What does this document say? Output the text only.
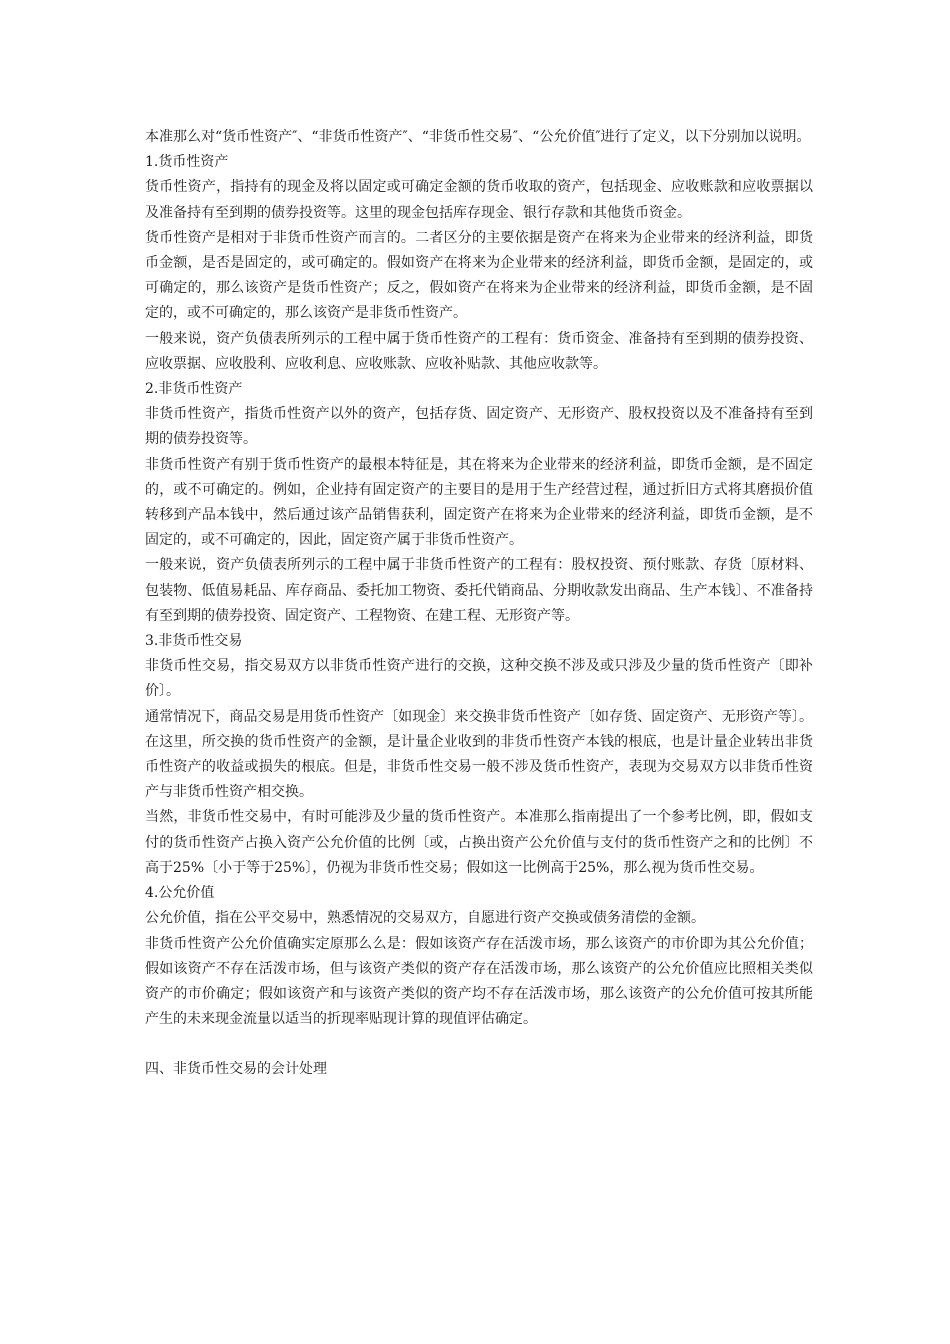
本准那么对“货币性资产″、“非货币性资产″、“非货币性交易″、“公允价值″进行了定义，以下分别加以说明。

1.货币性资产

货币性资产，指持有的现金及将以固定或可确定金额的货币收取的资产，包括现金、应收账款和应收票据以及准备持有至到期的债券投资等。这里的现金包括库存现金、银行存款和其他货币资金。

货币性资产是相对于非货币性资产而言的。二者区分的主要依据是资产在将来为企业带来的经济利益，即货币金额，是否是固定的，或可确定的。假如资产在将来为企业带来的经济利益，即货币金额，是固定的，或可确定的，那么该资产是货币性资产；反之，假如资产在将来为企业带来的经济利益，即货币金额，是不固定的，或不可确定的，那么该资产是非货币性资产。

一般来说，资产负债表所列示的工程中属于货币性资产的工程有：货币资金、准备持有至到期的债券投资、应收票据、应收股利、应收利息、应收账款、应收补贴款、其他应收款等。

2.非货币性资产

非货币性资产，指货币性资产以外的资产，包括存货、固定资产、无形资产、股权投资以及不准备持有至到期的债券投资等。

非货币性资产有别于货币性资产的最根本特征是，其在将来为企业带来的经济利益，即货币金额，是不固定的，或不可确定的。例如，企业持有固定资产的主要目的是用于生产经营过程，通过折旧方式将其磨损价值转移到产品本钱中，然后通过该产品销售获利，固定资产在将来为企业带来的经济利益，即货币金额，是不固定的，或不可确定的，因此，固定资产属于非货币性资产。

一般来说，资产负债表所列示的工程中属于非货币性资产的工程有：股权投资、预付账款、存货〔原材料、包装物、低值易耗品、库存商品、委托加工物资、委托代销商品、分期收款发出商品、生产本钱〕、不准备持有至到期的债券投资、固定资产、工程物资、在建工程、无形资产等。

3.非货币性交易

非货币性交易，指交易双方以非货币性资产进行的交换，这种交换不涉及或只涉及少量的货币性资产〔即补价〕。

通常情况下，商品交易是用货币性资产〔如现金〕来交换非货币性资产〔如存货、固定资产、无形资产等〕。在这里，所交换的货币性资产的金额，是计量企业收到的非货币性资产本钱的根底，也是计量企业转出非货币性资产的收益或损失的根底。但是，非货币性交易一般不涉及货币性资产，表现为交易双方以非货币性资产与非货币性资产相交换。

当然，非货币性交易中，有时可能涉及少量的货币性资产。本准那么指南提出了一个参考比例，即，假如支付的货币性资产占换入资产公允价值的比例〔或，占换出资产公允价值与支付的货币性资产之和的比例〕不高于25%〔小于等于25%〕，仍视为非货币性交易；假如这一比例高于25%，那么视为货币性交易。

4.公允价值

公允价值，指在公平交易中，熟悉情况的交易双方，自愿进行资产交换或债务清偿的金额。

非货币性资产公允价值确实定原那么么是：假如该资产存在活泼市场，那么该资产的市价即为其公允价值；假如该资产不存在活泼市场，但与该资产类似的资产存在活泼市场，那么该资产的公允价值应比照相关类似资产的市价确定；假如该资产和与该资产类似的资产均不存在活泼市场，那么该资产的公允价值可按其所能产生的未来现金流量以适当的折现率贴现计算的现值评估确定。

四、非货币性交易的会计处理
